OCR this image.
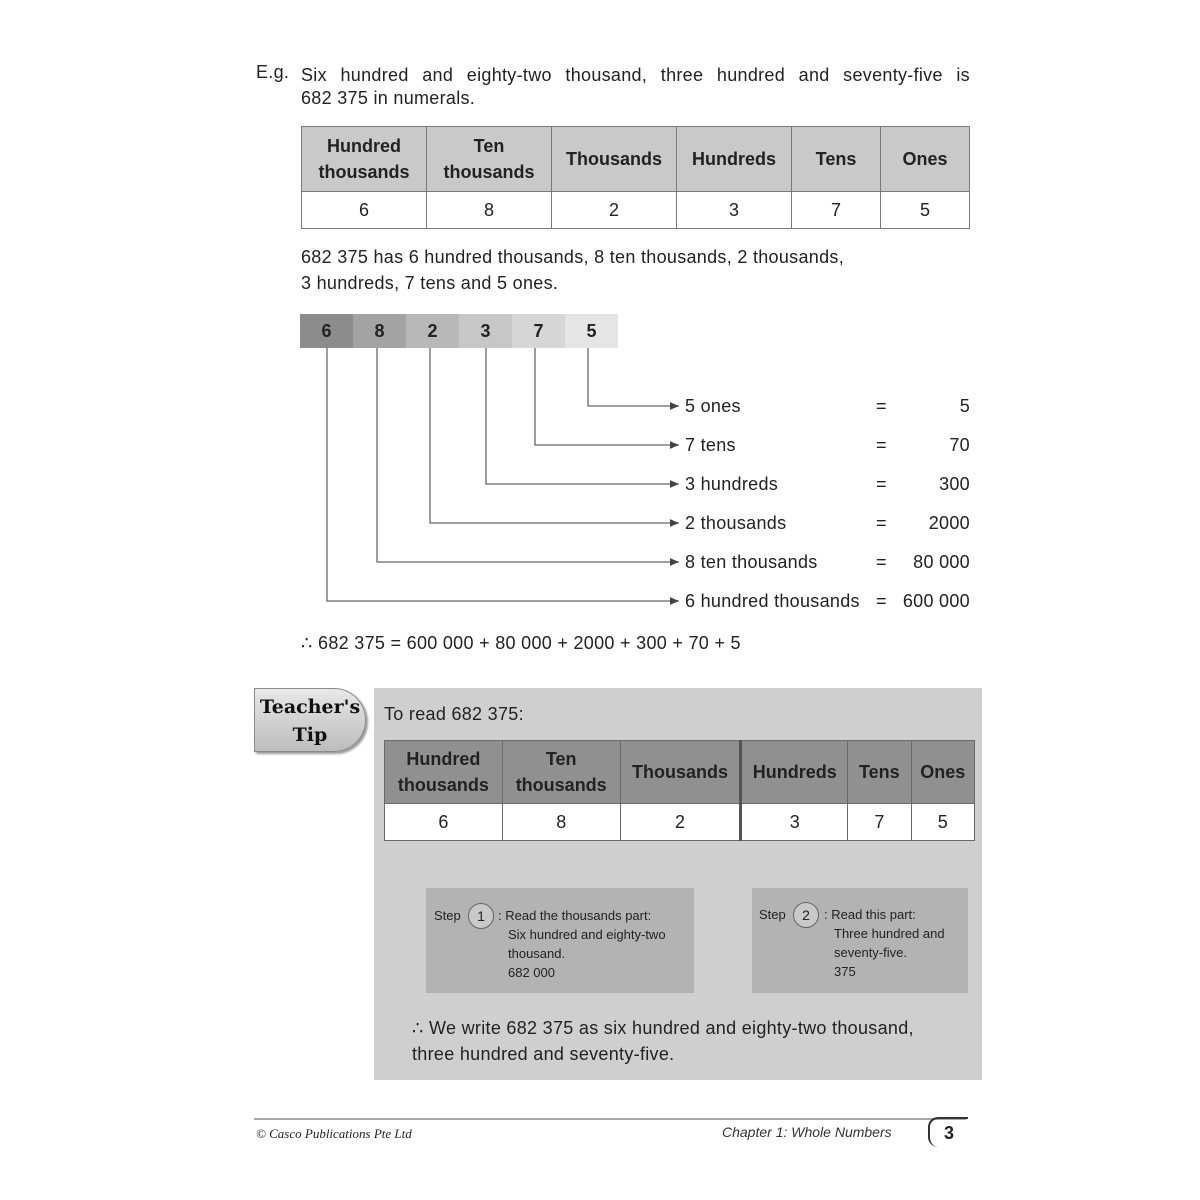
E.g. Six hundred and eighty-two thousand, three hundred and seventy-five is
682 375 in numerals.
Hundred thousands	Ten thousands	Thousands	Hundreds	Tens	Ones
6	8	2	3	7	5
682 375 has 6 hundred thousands, 8 ten thousands, 2 thousands,
3 hundreds, 7 tens and 5 ones.
6	8	2	3	7	5
5 ones	=	5
7 tens	=	70
3 hundreds	=	300
2 thousands	= 2000
8 ten thousands	= 80 000
6 hundred thousands = 600 000
∴ 682 375 = 600 000 + 80 000 + 2000 + 300 + 70 + 5
Teacher's
Tip
To read 682 375:
Hundred thousands	Ten thousands	Thousands	Hundreds	Tens	Ones
6	8	2	3	7	5
Step	1	: Read the thousands part:
Six hundred and eighty-two
thousand.
682 000
Step	2	: Read this part:
Three hundred and
seventy-five.
375
∴ We write 682 375 as six hundred and eighty-two thousand,
three hundred and seventy-five.
© Casco Publications Pte Ltd	Chapter 1: Whole Numbers	3
